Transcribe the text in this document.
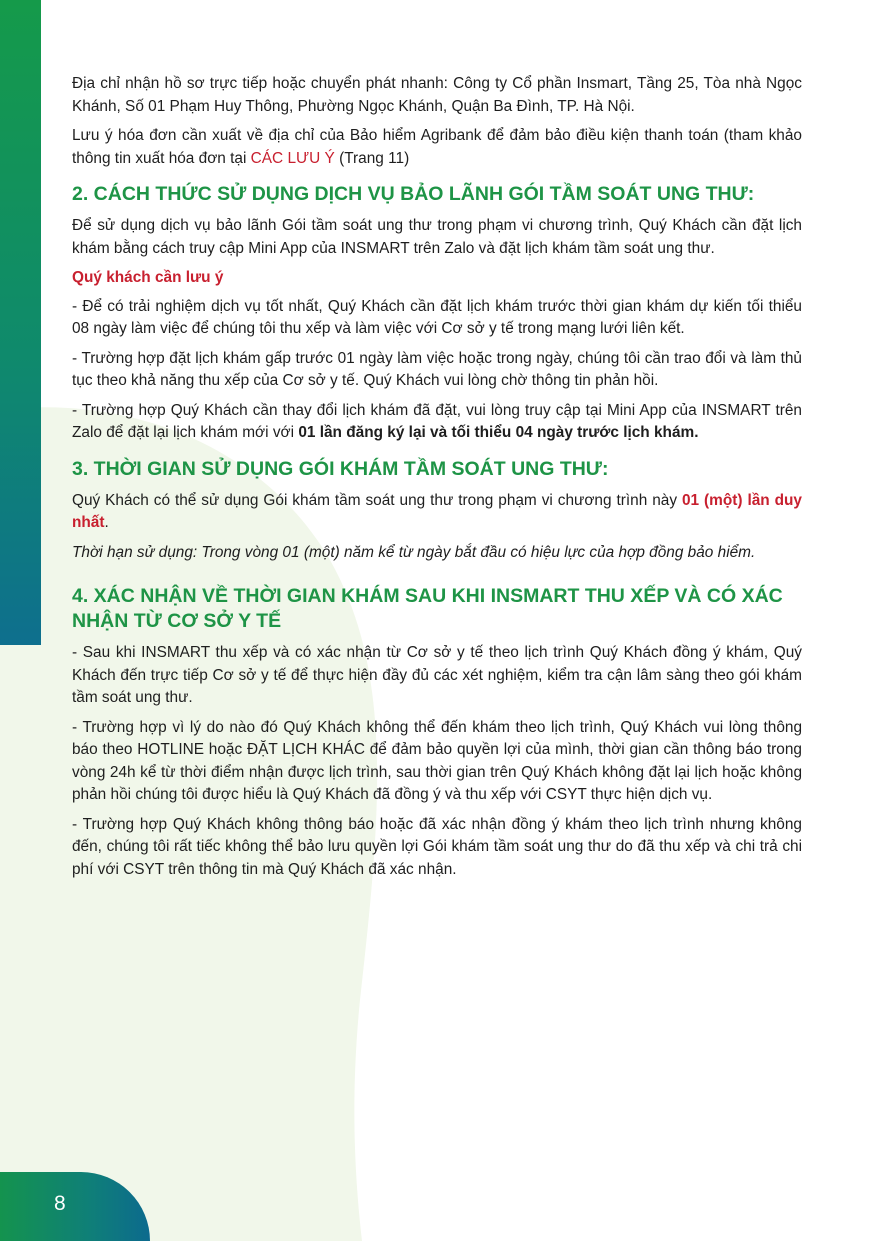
8

Địa chỉ nhận hồ sơ trực tiếp hoặc chuyển phát nhanh: Công ty Cổ phần Insmart, Tầng 25, Tòa nhà Ngọc Khánh, Số 01 Phạm Huy Thông, Phường Ngọc Khánh, Quận Ba Đình, TP. Hà Nội.

Lưu ý hóa đơn cần xuất về địa chỉ của Bảo hiểm Agribank để đảm bảo điều kiện thanh toán (tham khảo thông tin xuất hóa đơn tại CÁC LƯU Ý (Trang 11)

2. CÁCH THỨC SỬ DỤNG DỊCH VỤ BẢO LÃNH GÓI TẦM SOÁT UNG THƯ:

Để sử dụng dịch vụ bảo lãnh Gói tầm soát ung thư trong phạm vi chương trình, Quý Khách cần đặt lịch khám bằng cách truy cập Mini App của INSMART trên Zalo và đặt lịch khám tầm soát ung thư.

Quý khách cần lưu ý

- Để có trải nghiệm dịch vụ tốt nhất, Quý Khách cần đặt lịch khám trước thời gian khám dự kiến tối thiểu 08 ngày làm việc để chúng tôi thu xếp và làm việc với Cơ sở y tế trong mạng lưới liên kết.

- Trường hợp đặt lịch khám gấp trước 01 ngày làm việc hoặc trong ngày, chúng tôi cần trao đổi và làm thủ tục theo khả năng thu xếp của Cơ sở y tế. Quý Khách vui lòng chờ thông tin phản hồi.

- Trường hợp Quý Khách cần thay đổi lịch khám đã đặt, vui lòng truy cập tại Mini App của INSMART trên Zalo để đặt lại lịch khám mới với 01 lần đăng ký lại và tối thiểu 04 ngày trước lịch khám.

3. THỜI GIAN SỬ DỤNG GÓI KHÁM TẦM SOÁT UNG THƯ:

Quý Khách có thể sử dụng Gói khám tầm soát ung thư trong phạm vi chương trình này 01 (một) lần duy nhất.

Thời hạn sử dụng: Trong vòng 01 (một) năm kể từ ngày bắt đầu có hiệu lực của hợp đồng bảo hiểm.

4. XÁC NHẬN VỀ THỜI GIAN KHÁM SAU KHI INSMART THU XẾP VÀ CÓ XÁC NHẬN TỪ CƠ SỞ Y TẾ

- Sau khi INSMART thu xếp và có xác nhận từ Cơ sở y tế theo lịch trình Quý Khách đồng ý khám, Quý Khách đến trực tiếp Cơ sở y tế để thực hiện đầy đủ các xét nghiệm, kiểm tra cận lâm sàng theo gói khám tầm soát ung thư.

- Trường hợp vì lý do nào đó Quý Khách không thể đến khám theo lịch trình, Quý Khách vui lòng thông báo theo HOTLINE hoặc ĐẶT LỊCH KHÁC để đảm bảo quyền lợi của mình, thời gian cần thông báo trong vòng 24h kể từ thời điểm nhận được lịch trình, sau thời gian trên Quý Khách không đặt lại lịch hoặc không phản hồi chúng tôi được hiểu là Quý Khách đã đồng ý và thu xếp với CSYT thực hiện dịch vụ.

- Trường hợp Quý Khách không thông báo hoặc đã xác nhận đồng ý khám theo lịch trình nhưng không đến, chúng tôi rất tiếc không thể bảo lưu quyền lợi Gói khám tầm soát ung thư do đã thu xếp và chi trả chi phí với CSYT trên thông tin mà Quý Khách đã xác nhận.
